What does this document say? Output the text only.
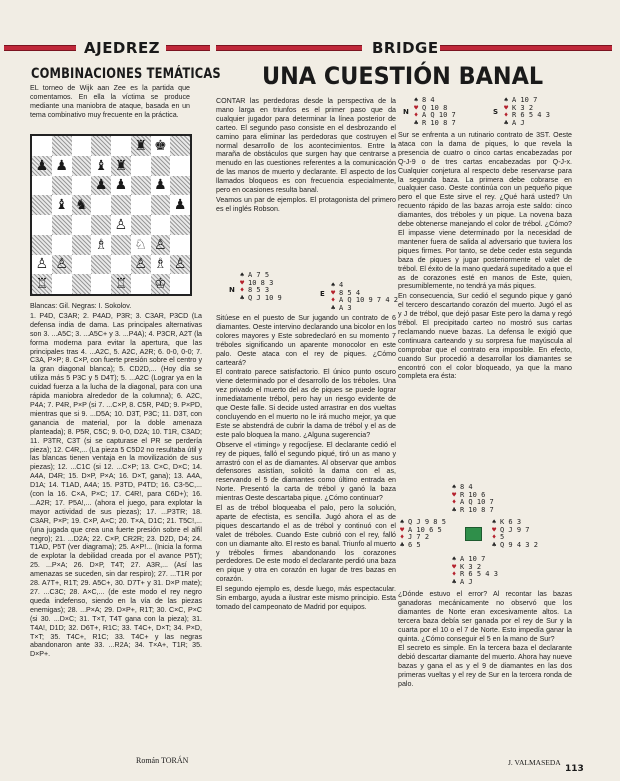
AJEDREZ	BRIDGE
COMBINACIONES TEMÁTICAS

EL torneo de Wijk aan Zee es la partida que comentamos. En ella la víctima se produce mediante una maniobra de ataque, basada en un tema combinativo muy frecuente en la práctica.

♜ ♚
♟ ♟ ♝ ♜
♟ ♟ ♟
♝ ♞	♟
♙
♗ ♘ ♙
♙ ♙	♙ ♗ ♙
♖	♖ ♔

Blancas: Gil. Negras: I. Sokolov.

1. P4D, C3AR; 2. P4AD, P3R; 3. C3AR, P3CD (La defensa india de dama. Las principales alternativas son 3. ...A5C; 3. ...A5C+ y 3. ...P4A); 4. P3CR, A2T (la forma moderna para evitar la apertura, que las principales tras 4. ...A2C, 5. A2C, A2R; 6. 0-0, 0-0; 7. C3A, P×P; 8. C×P, con fuerte presión sobre el centro y la gran diagonal blanca); 5. CD2D,... (Hoy día se utiliza más 5 P3C y 5 D4T); 5. ...A2C (Lograr ya en la cuidad fuerza a la lucha de la diagonal, para con una rápida maniobra alrededor de la columna); 6. A2C, P4A; 7. P4R, P×P (si 7. ...C×P, 8. C5R, P4D; 9. P×PD, mientras que si 9. ...D5A; 10. D3T, P3C; 11. D3T, con ganancia de material, por la doble amenaza planteada); 8. P5R, C5C; 9. 0-0, D2A; 10. T1R, C3AD; 11. P3TR, C3T (si se capturase el PR se perdería pieza); 12. C4R,... (La pieza 5 C5D2 no resultaba útil y las blancas tienen ventaja en la movilización de sus piezas); 12. ...C1C (si 12. ...C×P; 13. C×C, D×C; 14. A4A, D4R; 15. D×P, P×A; 16. D×T, gana); 13. A4A, D1A; 14. T1AD, A4A; 15. P3TD, P4TD; 16. C3-5C,... (con la 16. C×A, P×C; 17. C4R!, para C6D+); 16. ...A2R; 17. P5A!,... (ahora el juego, para explotar la mayor actividad de sus piezas); 17. ...P3TR; 18. C3AR, P×P; 19. C×P, A×C; 20. T×A, D1C; 21. T5C!,... (una jugada que crea una fuerte presión sobre el alfil negro); 21. ...D2A; 22. C×P, CR2R; 23. D2D, D4; 24. T1AD, P5T (ver diagrama); 25. A×P!... (Inicia la forma de explotar la debilidad creada por el avance P5T); 25. ...P×A; 26. D×P, T4T; 27. A3R,... (Así las amenazas se suceden, sin dar respiro); 27. ...T1R por 28. A7T+, R1T; 29. A5C+, 30. D7T+ y 31. D×P mate); 27. ...C3C; 28. A×C,... (de este modo el rey negro queda indefenso, siendo en la vía de las piezas enemigas); 28. ...P×A; 29. D×P+, R1T; 30. C×C, P×C (si 30. ...D×C; 31. T×T, T4T gana con la pieza); 31. T4A!, D1D; 32. D6T+, R1C; 33. T4C+, D×T; 34. P×D, T×T; 35. T4C+, R1C; 33. T4C+ y las negras abandonaron ante 33. ...R2A; 34. T×A+, T1R; 35. D×P+.

Román TORÁN
UNA CUESTIÓN BANAL

CONTAR las perdedoras desde la perspectiva de la mano larga en triunfos es el primer paso que da cualquier jugador para determinar la línea posterior de carteo. El segundo paso consiste en el desbrozando el camino para eliminar las perdedoras que costruyen el normal desarrollo de los acontecimientos. Entre la maraña de obstáculos que surgen hay que centrarse a menudo en las cuestiones referentes a la comunicación de las manos de muerto y declarante. El aspecto de los llamados bloqueos es con frecuencia especialmente, pero en ocasiones resulta banal.

Veamos un par de ejemplos. El protagonista del primero es el inglés Robson.

♠ A 7 5
♥ 10 8 3
♦ 8 5 3
♣ Q J 10 9
N	E
♠ 4
♥ 8 5 4
♦ A Q 10 9 7 4 2
♣ A 3

Sitúese en el puesto de Sur jugando un contrato de 6 diamantes. Oeste intervino declarando una bicolor en los colores mayores y Este sobredeclaró en su momento 7 tréboles significando un aparente monocolor en este palo. Oeste ataca con el rey de piques. ¿Cómo carteará?

El contrato parece satisfactorio. El único punto oscuro viene determinado por el desarrollo de los tréboles. Una vez privado el muerto del as de piques se puede lograr inmediatamente trébol, pero hay un riesgo evidente de que Oeste falle. Si decide usted arrastrar en dos vueltas concluyendo en el muerto no le irá mucho mejor, ya que Este se abstendrá de cubrir la dama de trébol y el as de este palo bloquea la mano. ¿Alguna sugerencia?

Observe el «timing» y regocíjese. El declarante cedió el rey de piques, falló el segundo piqué, tiró un as mano y arrastró con el as de diamantes. Al observar que ambos defensores asistían, solicitó la dama con el as, reservando el 5 de diamantes como último entrada en Norte. Presentó la carta de trébol y ganó la baza mientras Oeste descartaba pique. ¿Cómo continuar?

El as de trébol bloqueaba el palo, pero la solución, aparte de efectista, es sencilla. Jugó ahora el as de piques descartando el as de trébol y continuó con el valet de tréboles. Cuando Este cubrió con el rey, falló con un diamante alto. El resto es banal. Triunfo al muerto y tréboles firmes abandonando los corazones perdedores. De este modo el declarante perdió una baza en pique y otra en corazón en lugar de tres bazas en corazón.

El segundo ejemplo es, desde luego, más espectacular. Sin embargo, ayuda a ilustrar este mismo principio. Esta tomado del campeonato de Madrid por equipos.

♠ 8 4
♥ Q 10 8
♦ A Q 10 7
♣ R 10 8 7
N	S
♠ A 10 7
♥ K 3 2
♦ R 6 5 4 3
♣ A J

Sur se enfrenta a un rutinario contrato de 3ST. Oeste ataca con la dama de piques, lo que revela la presencia de cuatro o cinco cartas encabezadas por Q-J-9 o de tres cartas encabezadas por Q-J-x. Cualquier conjetura al respecto debe reservarse para la segunda baza. La primera debe cobrarse en cualquier caso. Oeste continúa con un pequeño pique pero el que Este sirve el rey. ¿Qué hará usted? Un recuento rápido de las bazas arroja este saldo: cinco diamantes, dos tréboles y un pique. La novena baza debe obtenerse manejando el color de trébol. ¿Cómo? El impasse viene determinado por la necesidad de mantener fuera de salida al adversario que tuviera los piques firmes. Por tanto, se debe ceder esta segunda baza de piques y jugar posteriormente el valet de trébol. El éxito de la mano quedará supeditado a que el as de corazones esté en manos de Este, quien, presumiblemente, no tendrá ya más piques.

En consecuencia, Sur cedió el segundo pique y ganó el tercero descartando corazón del muerto. Jugó el as y J de trébol, que dejó pasar Este pero la dama y regó trébol. El precipitado carteo no mostró sus cartas reclamando nueve bazas. La defensa le exigió que continuara carteando y su sorpresa fue mayúscula al comprobar que el contrato era imposible. En efecto, cuando Sur procedió a desarrollar los diamantes se encontró con el color bloqueado, ya que la mano completa era ésta:

♠ 8 4
♥ R 10 6
♦ A Q 10 7
♣ R 10 8 7
♠ Q J 9 8 5
♥ A 10 6 5
♦ J 7 2
♣ 6 5
♠ K 6 3
♥ Q J 9 7
♦ 5
♣ Q 9 4 3 2
♠ A 10 7
♥ K 3 2
♦ R 6 5 4 3
♣ A J

¿Dónde estuvo el error? Al recontar las bazas ganadoras mecánicamente no observó que los diamantes de Norte eran excesivamente altos. La tercera baza debía ser ganada por el rey de Sur y la cuarta por el 10 o el 7 de Norte. Esto impedía ganar la quinta. ¿Cómo conseguir el 5 en la mano de Sur?

El secreto es simple. En la tercera baza el declarante debió descartar diamante del muerto. Ahora hay nueve bazas y gana el as y el 9 de diamantes en las dos primeras vueltas y el rey de Sur en la tercera ronda de palo.

J. VALMASEDA
113
